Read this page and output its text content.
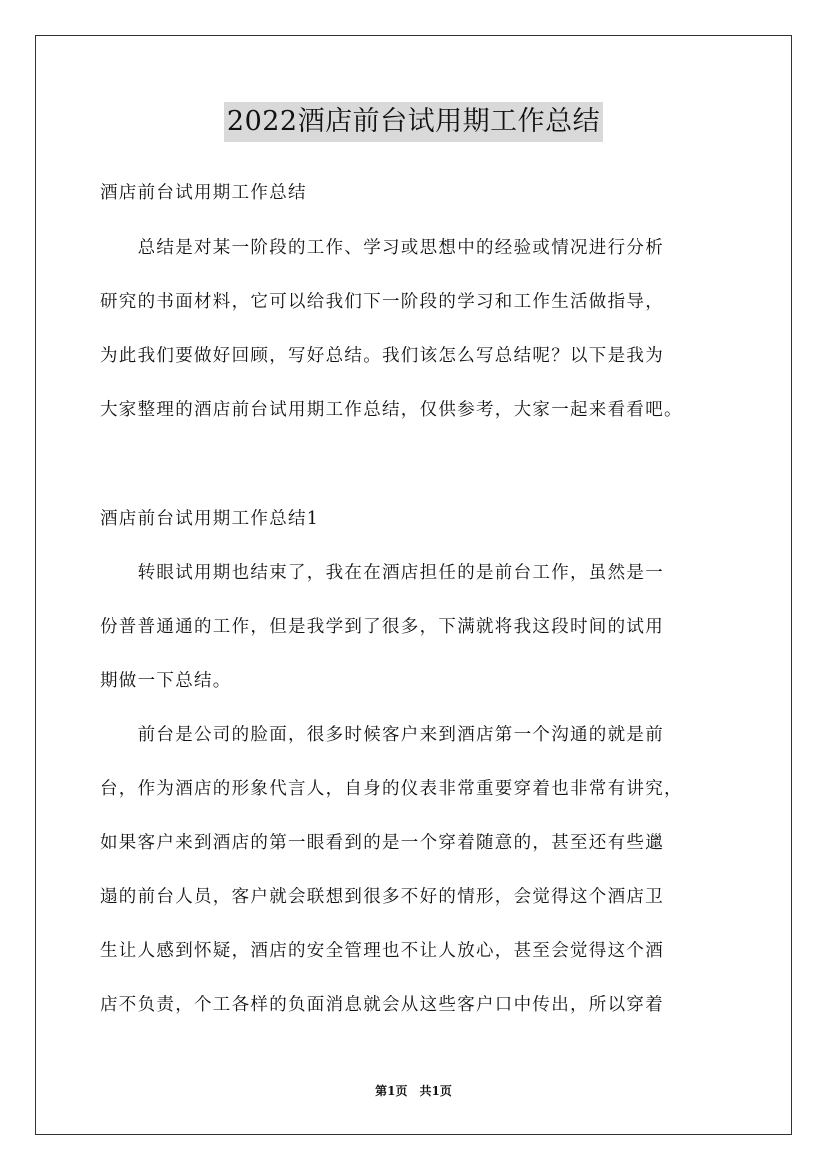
2022酒店前台试用期工作总结
酒店前台试用期工作总结
　　总结是对某一阶段的工作、学习或思想中的经验或情况进行分析
研究的书面材料，它可以给我们下一阶段的学习和工作生活做指导，
为此我们要做好回顾，写好总结。我们该怎么写总结呢？以下是我为
大家整理的酒店前台试用期工作总结，仅供参考，大家一起来看看吧。
酒店前台试用期工作总结1
　　转眼试用期也结束了，我在在酒店担任的是前台工作，虽然是一
份普普通通的工作，但是我学到了很多，下满就将我这段时间的试用
期做一下总结。
　　前台是公司的脸面，很多时候客户来到酒店第一个沟通的就是前
台，作为酒店的形象代言人，自身的仪表非常重要穿着也非常有讲究，
如果客户来到酒店的第一眼看到的是一个穿着随意的，甚至还有些邋
遢的前台人员，客户就会联想到很多不好的情形，会觉得这个酒店卫
生让人感到怀疑，酒店的安全管理也不让人放心，甚至会觉得这个酒
店不负责，个工各样的负面消息就会从这些客户口中传出，所以穿着
第1页　共1页
